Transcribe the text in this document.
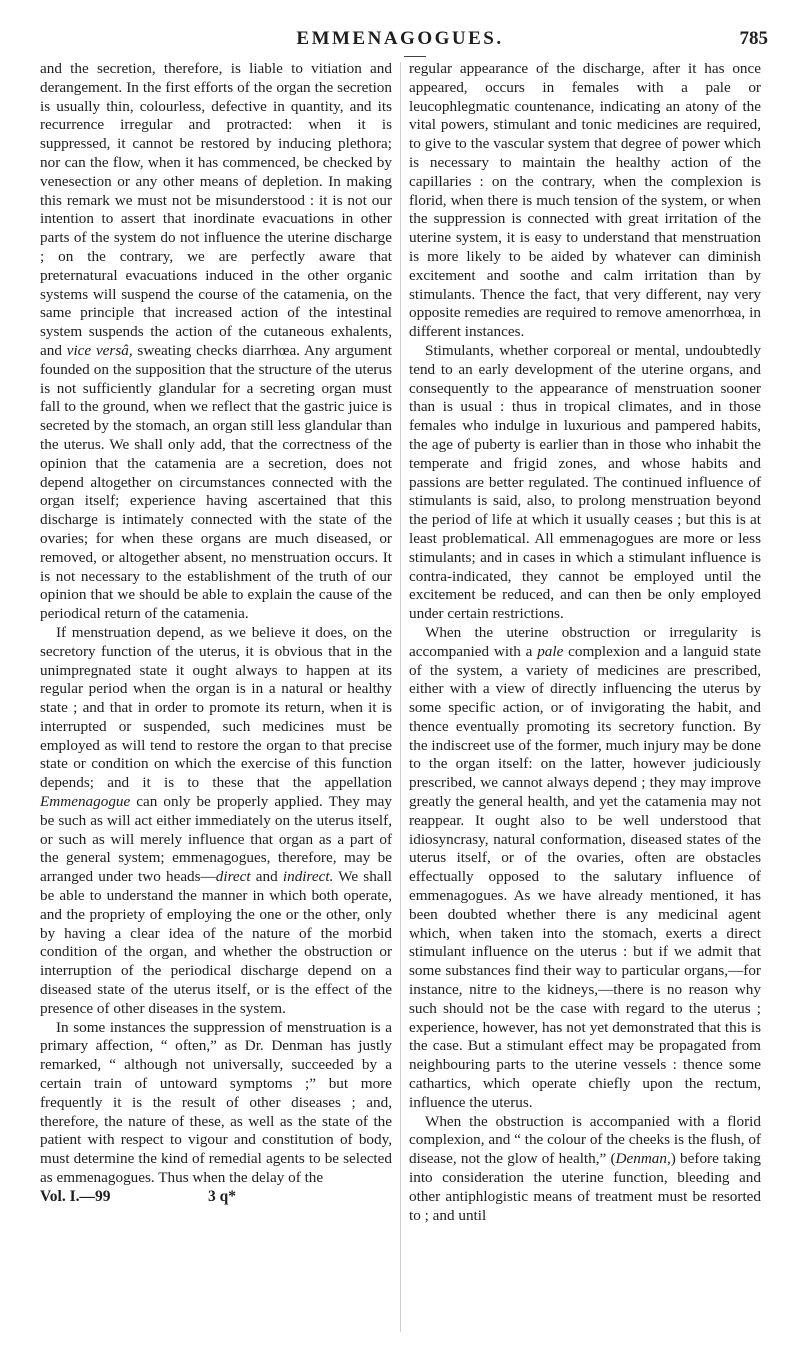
EMMENAGOGUES.	785

and the secretion, therefore, is liable to vitiation and derangement. In the first efforts of the organ the secretion is usually thin, colourless, defective in quantity, and its recurrence irregular and protracted: when it is suppressed, it cannot be restored by inducing plethora; nor can the flow, when it has commenced, be checked by venesection or any other means of depletion. In making this remark we must not be misunderstood : it is not our intention to assert that inordinate evacuations in other parts of the system do not influence the uterine discharge ; on the contrary, we are perfectly aware that preternatural evacuations induced in the other organic systems will suspend the course of the catamenia, on the same principle that increased action of the intestinal system suspends the action of the cutaneous exhalents, and vice versâ, sweating checks diarrhœa. Any argument founded on the supposition that the structure of the uterus is not sufficiently glandular for a secreting organ must fall to the ground, when we reflect that the gastric juice is secreted by the stomach, an organ still less glandular than the uterus. We shall only add, that the correctness of the opinion that the catamenia are a secretion, does not depend altogether on circumstances connected with the organ itself; experience having ascertained that this discharge is intimately connected with the state of the ovaries; for when these organs are much diseased, or removed, or altogether absent, no menstruation occurs. It is not necessary to the establishment of the truth of our opinion that we should be able to explain the cause of the periodical return of the catamenia.

If menstruation depend, as we believe it does, on the secretory function of the uterus, it is obvious that in the unimpregnated state it ought always to happen at its regular period when the organ is in a natural or healthy state ; and that in order to promote its return, when it is interrupted or suspended, such medicines must be employed as will tend to restore the organ to that precise state or condition on which the exercise of this function depends; and it is to these that the appellation Emmenagogue can only be properly applied. They may be such as will act either immediately on the uterus itself, or such as will merely influence that organ as a part of the general system; emmenagogues, therefore, may be arranged under two heads—direct and indirect. We shall be able to understand the manner in which both operate, and the propriety of employing the one or the other, only by having a clear idea of the nature of the morbid condition of the organ, and whether the obstruction or interruption of the periodical discharge depend on a diseased state of the uterus itself, or is the effect of the presence of other diseases in the system.

In some instances the suppression of menstruation is a primary affection, “ often,” as Dr. Denman has justly remarked, “ although not universally, succeeded by a certain train of untoward symptoms ;” but more frequently it is the result of other diseases ; and, therefore, the nature of these, as well as the state of the patient with respect to vigour and constitution of body, must determine the kind of remedial agents to be selected as emmenagogues. Thus when the delay of the

Vol. I.—99	3 q*

regular appearance of the discharge, after it has once appeared, occurs in females with a pale or leucophlegmatic countenance, indicating an atony of the vital powers, stimulant and tonic medicines are required, to give to the vascular system that degree of power which is necessary to maintain the healthy action of the capillaries : on the contrary, when the complexion is florid, when there is much tension of the system, or when the suppression is connected with great irritation of the uterine system, it is easy to understand that menstruation is more likely to be aided by whatever can diminish excitement and soothe and calm irritation than by stimulants. Thence the fact, that very different, nay very opposite remedies are required to remove amenorrhœa, in different instances.

Stimulants, whether corporeal or mental, undoubtedly tend to an early development of the uterine organs, and consequently to the appearance of menstruation sooner than is usual : thus in tropical climates, and in those females who indulge in luxurious and pampered habits, the age of puberty is earlier than in those who inhabit the temperate and frigid zones, and whose habits and passions are better regulated. The continued influence of stimulants is said, also, to prolong menstruation beyond the period of life at which it usually ceases ; but this is at least problematical. All emmenagogues are more or less stimulants; and in cases in which a stimulant influence is contra-indicated, they cannot be employed until the excitement be reduced, and can then be only employed under certain restrictions.

When the uterine obstruction or irregularity is accompanied with a pale complexion and a languid state of the system, a variety of medicines are prescribed, either with a view of directly influencing the uterus by some specific action, or of invigorating the habit, and thence eventually promoting its secretory function. By the indiscreet use of the former, much injury may be done to the organ itself: on the latter, however judiciously prescribed, we cannot always depend ; they may improve greatly the general health, and yet the catamenia may not reappear. It ought also to be well understood that idiosyncrasy, natural conformation, diseased states of the uterus itself, or of the ovaries, often are obstacles effectually opposed to the salutary influence of emmenagogues. As we have already mentioned, it has been doubted whether there is any medicinal agent which, when taken into the stomach, exerts a direct stimulant influence on the uterus : but if we admit that some substances find their way to particular organs,—for instance, nitre to the kidneys,—there is no reason why such should not be the case with regard to the uterus ; experience, however, has not yet demonstrated that this is the case. But a stimulant effect may be propagated from neighbouring parts to the uterine vessels : thence some cathartics, which operate chiefly upon the rectum, influence the uterus.

When the obstruction is accompanied with a florid complexion, and “ the colour of the cheeks is the flush, of disease, not the glow of health,” (Denman,) before taking into consideration the uterine function, bleeding and other antiphlogistic means of treatment must be resorted to ; and until
